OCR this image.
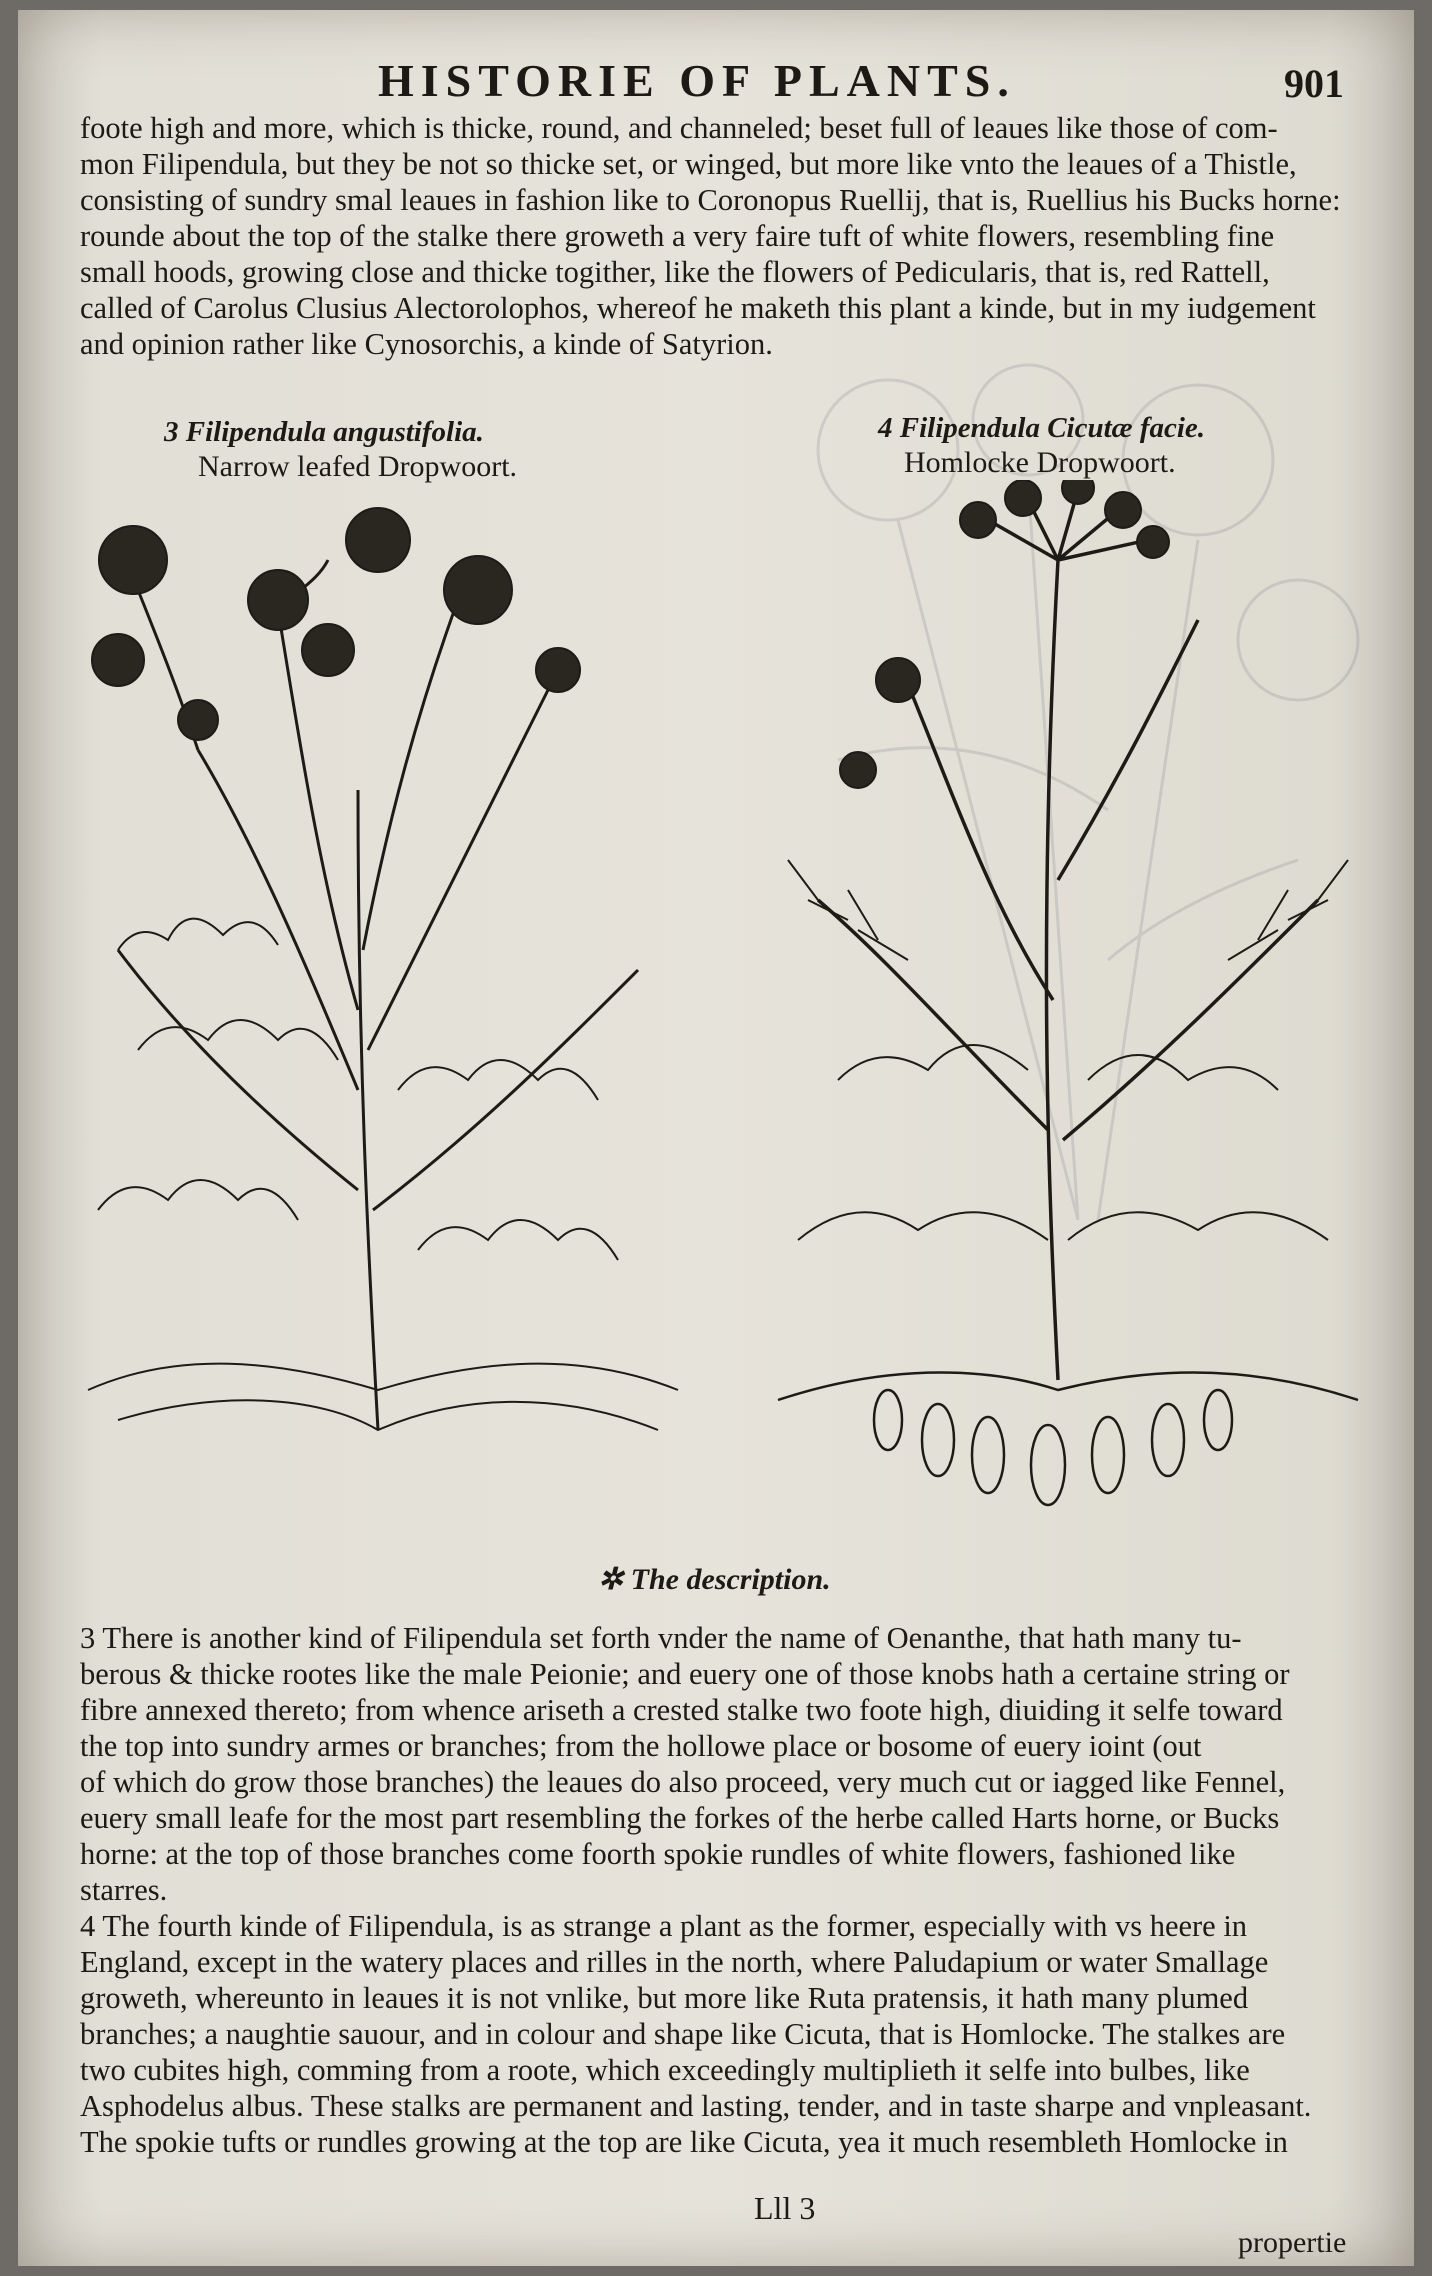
HISTORIE OF PLANTS.	901
foote high and more, which is thicke, round, and channeled; beset full of leaues like those of com-
mon Filipendula, but they be not so thicke set, or winged, but more like vnto the leaues of a Thistle,
consisting of sundry smal leaues in fashion like to Coronopus Ruellij, that is, Ruellius his Bucks horne:
rounde about the top of the stalke there groweth a very faire tuft of white flowers, resembling fine
small hoods, growing close and thicke togither, like the flowers of Pedicularis, that is, red Rattell,
called of Carolus Clusius Alectorolophos, whereof he maketh this plant a kinde, but in my iudgement
and opinion rather like Cynosorchis, a kinde of Satyrion.
3 Filipendula angustifolia.
Narrow leafed Dropwoort.
4 Filipendula Cicutæ facie.
Homlocke Dropwoort.
✲ The description.
3 There is another kind of Filipendula set forth vnder the name of Oenanthe, that hath many tu-
berous & thicke rootes like the male Peionie; and euery one of those knobs hath a certaine string or
fibre annexed thereto; from whence ariseth a crested stalke two foote high, diuiding it selfe toward
the top into sundry armes or branches; from the hollowe place or bosome of euery ioint (out
of which do grow those branches) the leaues do also proceed, very much cut or iagged like Fennel,
euery small leafe for the most part resembling the forkes of the herbe called Harts horne, or Bucks
horne: at the top of those branches come foorth spokie rundles of white flowers, fashioned like
starres.
4 The fourth kinde of Filipendula, is as strange a plant as the former, especially with vs heere in
England, except in the watery places and rilles in the north, where Paludapium or water Smallage
groweth, whereunto in leaues it is not vnlike, but more like Ruta pratensis, it hath many plumed
branches; a naughtie sauour, and in colour and shape like Cicuta, that is Homlocke. The stalkes are
two cubites high, comming from a roote, which exceedingly multiplieth it selfe into bulbes, like
Asphodelus albus. These stalks are permanent and lasting, tender, and in taste sharpe and vnpleasant.
The spokie tufts or rundles growing at the top are like Cicuta, yea it much resembleth Homlocke in
Lll 3
propertie
